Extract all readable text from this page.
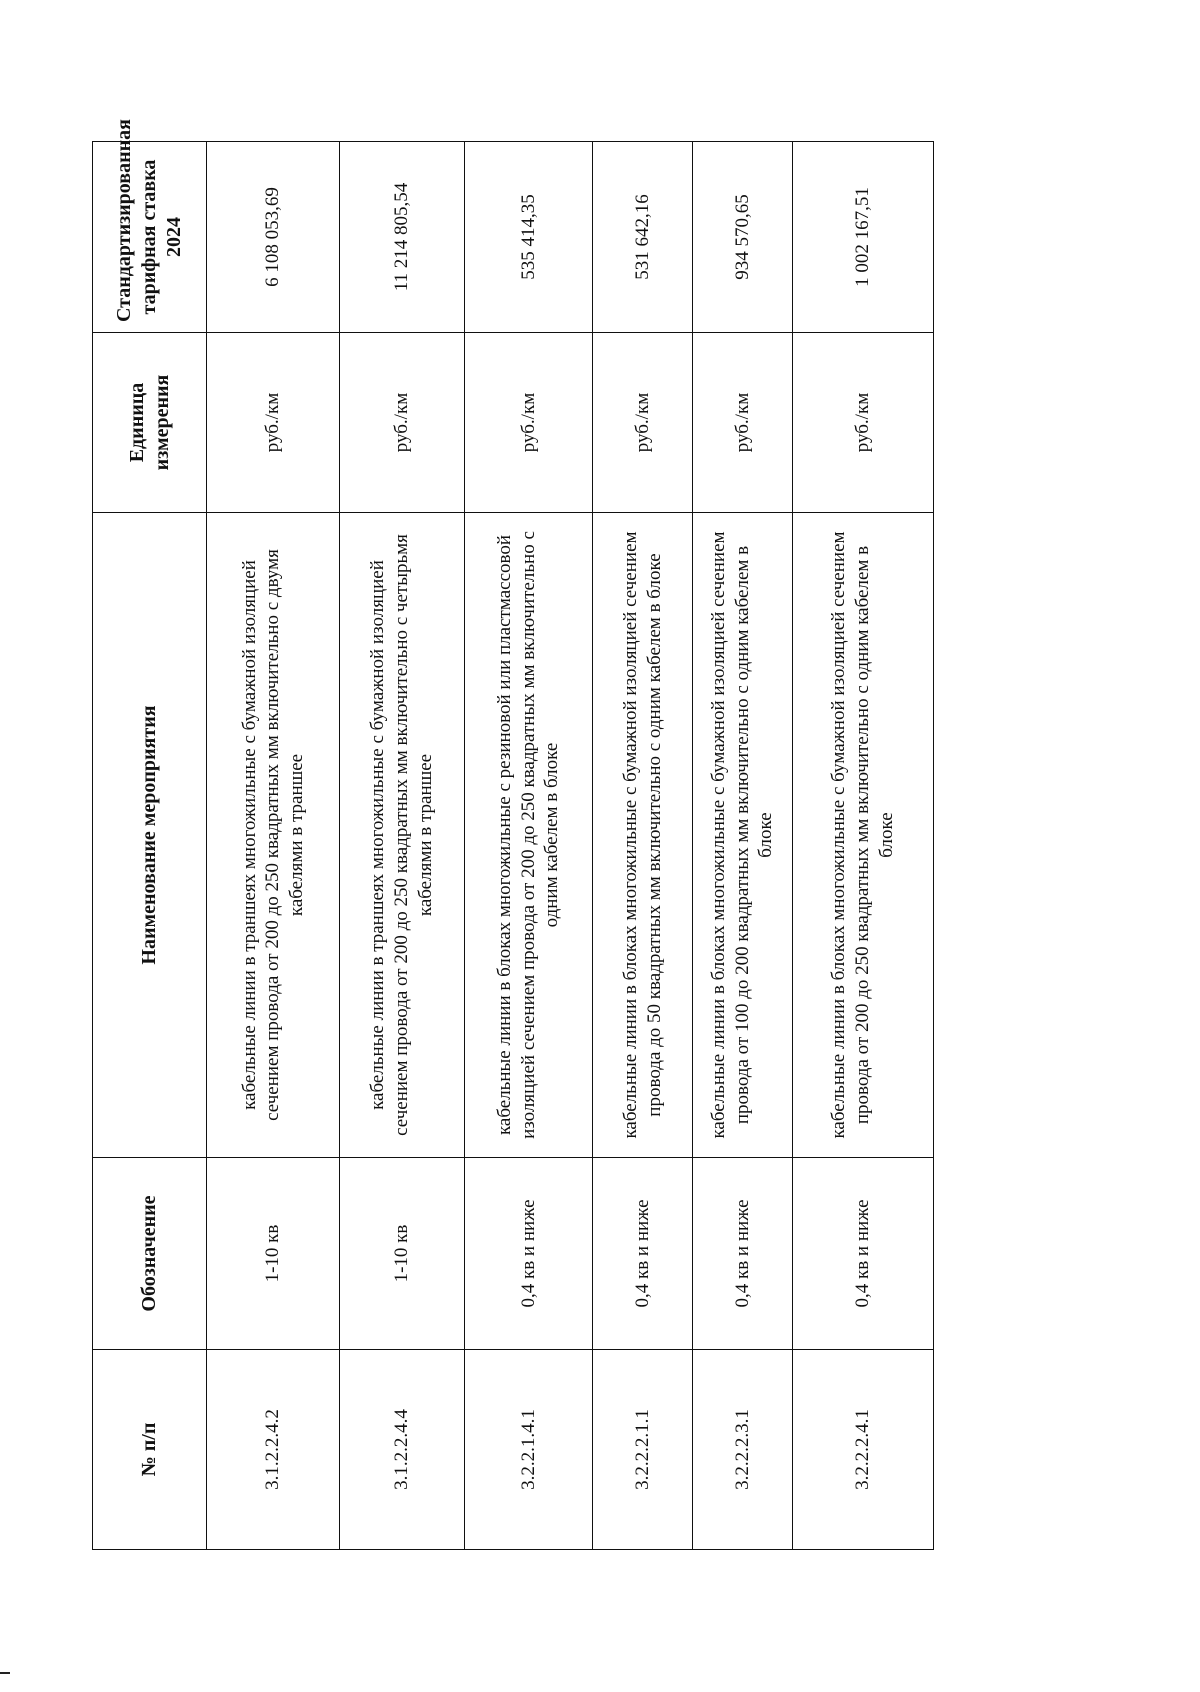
№ п/п	Обозначение	Наименование мероприятия	Единица измерения	Стандартизированная тарифная ставка 2024
3.1.2.2.4.2	1-10 кв	кабельные линии в траншеях многожильные с бумажной изоляцией сечением провода от 200 до 250 квадратных мм включительно с двумя кабелями в траншее	руб./км	6 108 053,69
3.1.2.2.4.4	1-10 кв	кабельные линии в траншеях многожильные с бумажной изоляцией сечением провода от 200 до 250 квадратных мм включительно с четырьмя кабелями в траншее	руб./км	11 214 805,54
3.2.2.1.4.1	0,4 кв и ниже	кабельные линии в блоках многожильные с резиновой или пластмассовой изоляцией сечением провода от 200 до 250 квадратных мм включительно с одним кабелем в блоке	руб./км	535 414,35
3.2.2.2.1.1	0,4 кв и ниже	кабельные линии в блоках многожильные с бумажной изоляцией сечением провода до 50 квадратных мм включительно с одним кабелем в блоке	руб./км	531 642,16
3.2.2.2.3.1	0,4 кв и ниже	кабельные линии в блоках многожильные с бумажной изоляцией сечением провода от 100 до 200 квадратных мм включительно с одним кабелем в блоке	руб./км	934 570,65
3.2.2.2.4.1	0,4 кв и ниже	кабельные линии в блоках многожильные с бумажной изоляцией сечением провода от 200 до 250 квадратных мм включительно с одним кабелем в блоке	руб./км	1 002 167,51
